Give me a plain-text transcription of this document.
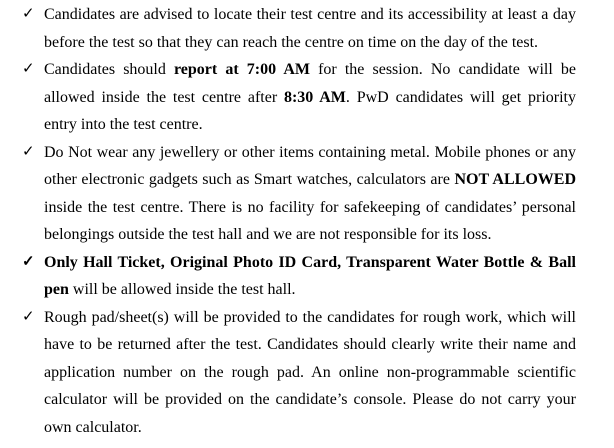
✓ Candidates are advised to locate their test centre and its accessibility at least a day before the test so that they can reach the centre on time on the day of the test.
✓ Candidates should report at 7:00 AM for the session. No candidate will be allowed inside the test centre after 8:30 AM. PwD candidates will get priority entry into the test centre.
✓ Do Not wear any jewellery or other items containing metal. Mobile phones or any other electronic gadgets such as Smart watches, calculators are NOT ALLOWED inside the test centre. There is no facility for safekeeping of candidates’ personal belongings outside the test hall and we are not responsible for its loss.
✓ Only Hall Ticket, Original Photo ID Card, Transparent Water Bottle & Ball pen will be allowed inside the test hall.
✓ Rough pad/sheet(s) will be provided to the candidates for rough work, which will have to be returned after the test. Candidates should clearly write their name and application number on the rough pad. An online non-programmable scientific calculator will be provided on the candidate’s console. Please do not carry your own calculator.
